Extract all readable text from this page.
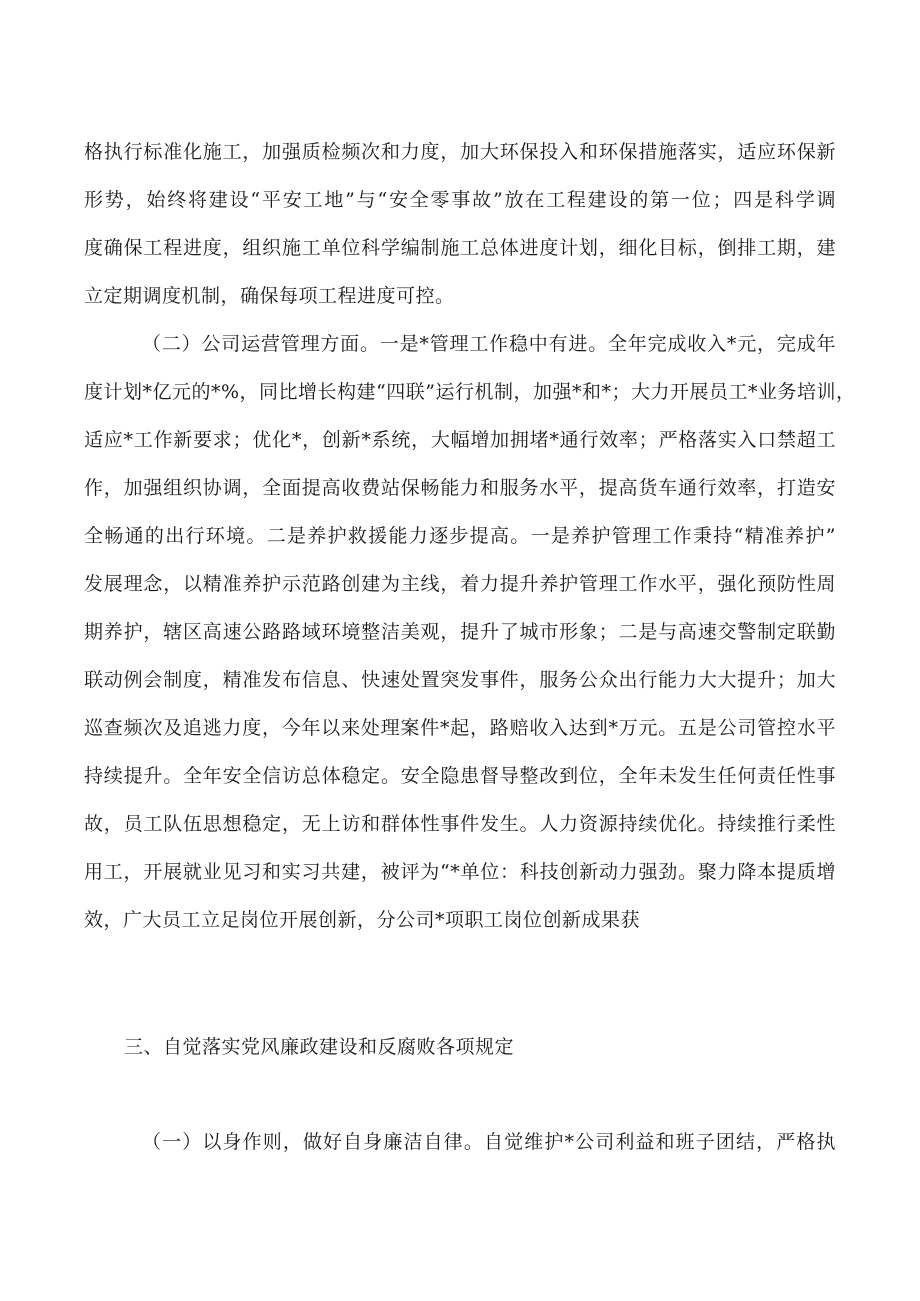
格执行标准化施工，加强质检频次和力度，加大环保投入和环保措施落实，适应环保新
形势，始终将建设“平安工地”与“安全零事故”放在工程建设的第一位；四是科学调
度确保工程进度，组织施工单位科学编制施工总体进度计划，细化目标，倒排工期，建
立定期调度机制，确保每项工程进度可控。
（二）公司运营管理方面。一是*管理工作稳中有进。全年完成收入*元，完成年
度计划*亿元的*%，同比增长构建“四联”运行机制，加强*和*；大力开展员工*业务培训，
适应*工作新要求；优化*，创新*系统，大幅增加拥堵*通行效率；严格落实入口禁超工
作，加强组织协调，全面提高收费站保畅能力和服务水平，提高货车通行效率，打造安
全畅通的出行环境。二是养护救援能力逐步提高。一是养护管理工作秉持“精准养护”
发展理念，以精准养护示范路创建为主线，着力提升养护管理工作水平，强化预防性周
期养护，辖区高速公路路域环境整洁美观，提升了城市形象；二是与高速交警制定联勤
联动例会制度，精准发布信息、快速处置突发事件，服务公众出行能力大大提升；加大
巡查频次及追逃力度，今年以来处理案件*起，路赔收入达到*万元。五是公司管控水平
持续提升。全年安全信访总体稳定。安全隐患督导整改到位，全年未发生任何责任性事
故，员工队伍思想稳定，无上访和群体性事件发生。人力资源持续优化。持续推行柔性
用工，开展就业见习和实习共建，被评为“*单位：科技创新动力强劲。聚力降本提质增
效，广大员工立足岗位开展创新，分公司*项职工岗位创新成果获
三、自觉落实党风廉政建设和反腐败各项规定
（一）以身作则，做好自身廉洁自律。自觉维护*公司利益和班子团结，严格执
